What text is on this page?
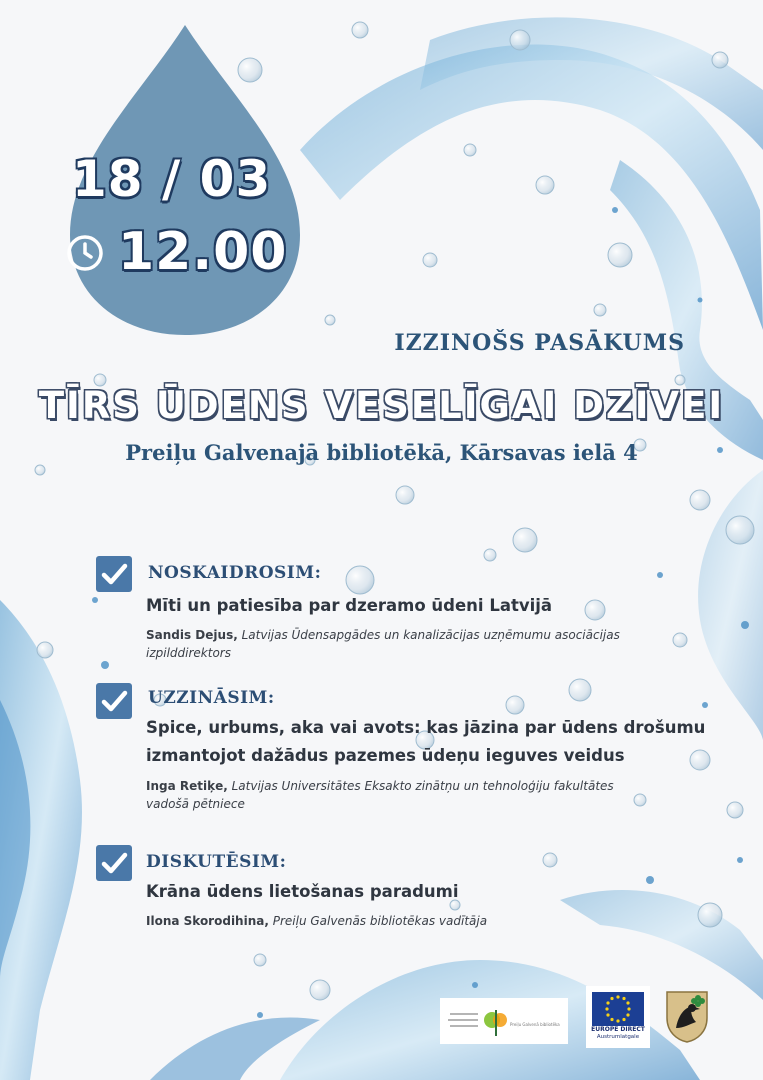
18 / 03
12.00
IZZINOŠS PASĀKUMS
TĪRS ŪDENS VESELĪGAI DZĪVEI
Preiļu Galvenajā bibliotēkā, Kārsavas ielā 4
NOSKAIDROSIM:
Mīti un patiesība par dzeramo ūdeni Latvijā
Sandis Dejus, Latvijas Ūdensapgādes un kanalizācijas uzņēmumu asociācijas
izpilddirektors
UZZINĀSIM:
Spice, urbums, aka vai avots: kas jāzina par ūdens drošumu
izmantojot dažādus pazemes ūdeņu ieguves veidus
Inga Retiķe, Latvijas Universitātes Eksakto zinātņu un tehnoloģiju fakultātes
vadošā pētniece
DISKUTĒSIM:
Krāna ūdens lietošanas paradumi
Ilona Skorodihina, Preiļu Galvenās bibliotēkas vadītāja
Preiļu Galvenā bibliotēka
EUROPE DIRECT
Austrumlatgale
